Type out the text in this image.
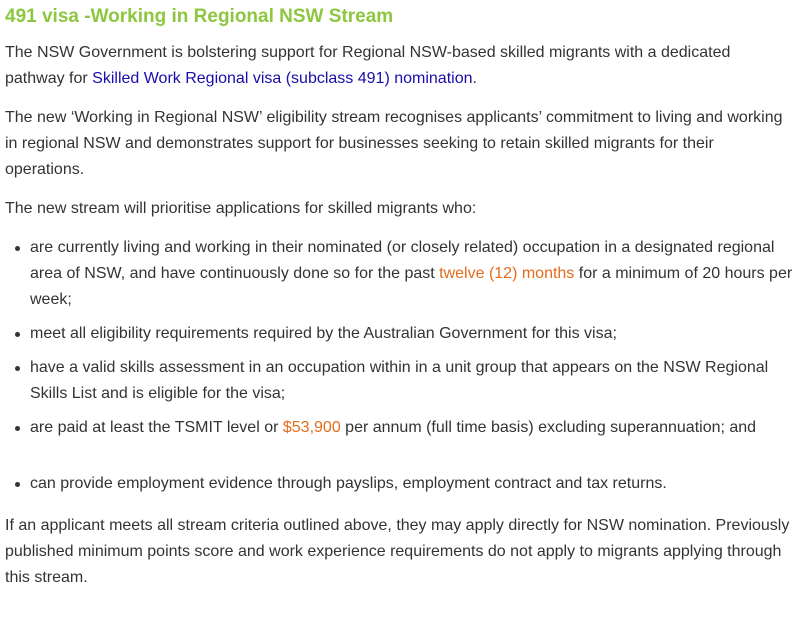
491 visa -Working in Regional NSW Stream

The NSW Government is bolstering support for Regional NSW-based skilled migrants with a dedicated pathway for Skilled Work Regional visa (subclass 491) nomination.

The new ‘Working in Regional NSW’ eligibility stream recognises applicants’ commitment to living and working in regional NSW and demonstrates support for businesses seeking to retain skilled migrants for their operations.

The new stream will prioritise applications for skilled migrants who:

are currently living and working in their nominated (or closely related) occupation in a designated regional area of NSW, and have continuously done so for the past twelve (12) months for a minimum of 20 hours per week;
meet all eligibility requirements required by the Australian Government for this visa;
have a valid skills assessment in an occupation within in a unit group that appears on the NSW Regional Skills List and is eligible for the visa;
are paid at least the TSMIT level or $53,900 per annum (full time basis) excluding superannuation; and
can provide employment evidence through payslips, employment contract and tax returns.

If an applicant meets all stream criteria outlined above, they may apply directly for NSW nomination. Previously published minimum points score and work experience requirements do not apply to migrants applying through this stream.
